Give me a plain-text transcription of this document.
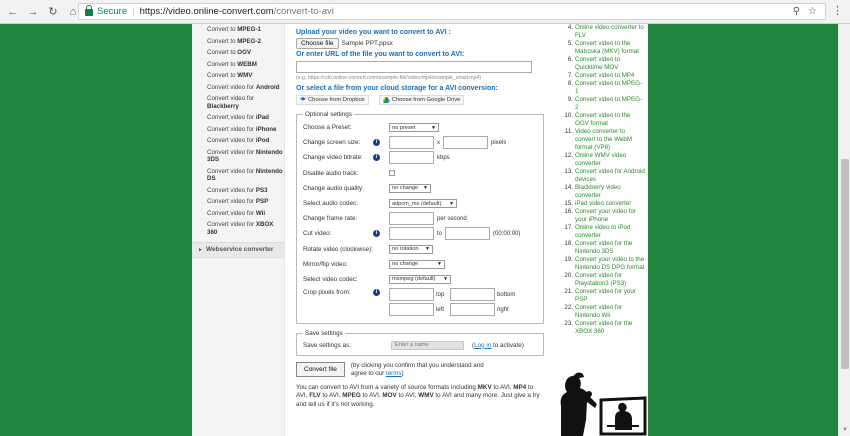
← → ↻	⌂	Secure | https://video.online-convert.com /convert-to-avi	⚲ ☆ ⋮
Convert to MPEG-1
Convert to MPEG-2
Convert to OGV
Convert to WEBM
Convert to WMV
Convert video for Android
Convert video for Blackberry
Convert video for iPad
Convert video for iPhone
Convert video for iPod
Convert video for Nintendo 3DS
Convert video for Nintendo DS
Convert video for PS3
Convert video for PSP
Convert video for Wii
Convert video for XBOX 360
► Webservice converter
Upload your video you want to convert to AVI :
Choose file	Sample PPT.ppsx
Or enter URL of the file you want to convert to AVI:
(e.g. https://cdn.online-convert.com/example-file/video/mp4/example_small.mp4)
Or select a file from your cloud storage for a AVI conversion:
Choose from Dropbox	Choose from Google Drive
Optional settings
Choose a Preset:	no preset	▼
Change screen size:	i	x	pixels
Change video bitrate:	i	kbps
Disable audio track:
Change audio quality:	no change ▼
Select audio codec:	adpcm_ms (default) ▼
Change frame rate:	per second
Cut video:	i	to	(00:00:00)
Rotate video (clockwise):	no rotation ▼
Mirror/flip video:	no change	▼
Select video codec:	msmpeg (default) ▼
Crop pixels from:	i	top	bottom
left	right
Save settings
Save settings as:	Enter a name	(Log in to activate)
Convert file
(by clicking you confirm that you understand and agree to our terms)
You can convert to AVI from a variety of source formats including MKV to AVI, MP4 to AVI, FLV to AVI, MPEG to AVI, MOV to AVI, WMV to AVI and many more. Just give a try and tell us if it's not working.
4. Online video converter to FLV
5. Convert video to the Matroska (MKV) format
6. Convert video to Quicktime MOV
7. Convert video to MP4
8. Convert video to MPEG-1
9. Convert video to MPEG-2
10. Convert video to the OGV format
11. Video converter to convert to the WebM format (VP8)
12. Online WMV video converter
13. Convert video for Android devices
14. Blackberry video converter
15. iPad video converter
16. Convert your video for your iPhone
17. Online video to iPod converter
18. Convert video for the Nintendo 3DS
19. Convert your video to the Nintendo DS DPG format
20. Convert video for Playstation3 (PS3)
21. Convert video for your PSP
22. Convert video for Nintendo Wii
23. Convert video for the XBOX 360
▼
